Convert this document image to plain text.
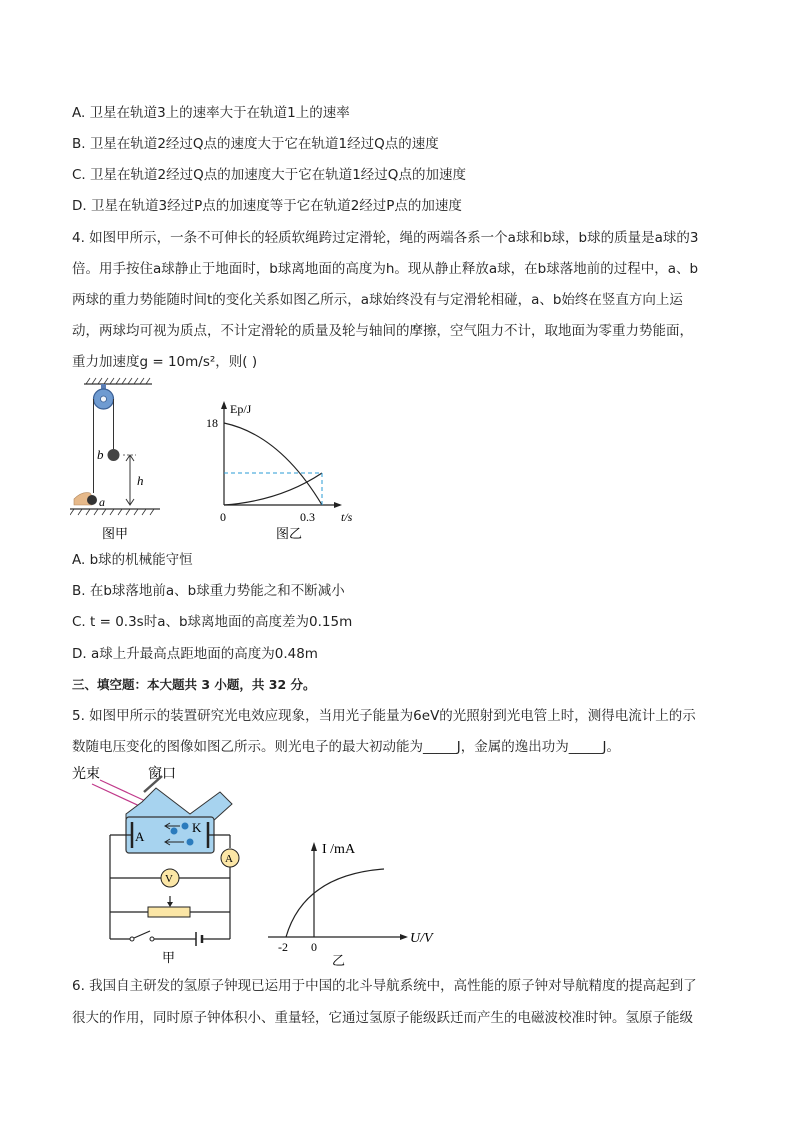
A. 卫星在轨道3上的速率大于在轨道1上的速率
B. 卫星在轨道2经过Q点的速度大于它在轨道1经过Q点的速度
C. 卫星在轨道2经过Q点的加速度大于它在轨道1经过Q点的加速度
D. 卫星在轨道3经过P点的加速度等于它在轨道2经过P点的加速度
4. 如图甲所示，一条不可伸长的轻质软绳跨过定滑轮，绳的两端各系一个a球和b球，b球的质量是a球的3
倍。用手按住a球静止于地面时，b球离地面的高度为h。现从静止释放a球，在b球落地前的过程中，a、b
两球的重力势能随时间t的变化关系如图乙所示，a球始终没有与定滑轮相碰，a、b始终在竖直方向上运
动，两球均可视为质点，不计定滑轮的质量及轮与轴间的摩擦，空气阻力不计，取地面为零重力势能面，
重力加速度g = 10m/s²，则( )
b
h
a
图甲
Ep/J
18
0	0.3 t/s
图乙
A. b球的机械能守恒
B. 在b球落地前a、b球重力势能之和不断减小
C. t = 0.3s时a、b球离地面的高度差为0.15m
D. a球上升最高点距地面的高度为0.48m
三、填空题：本大题共 3 小题，共 32 分。
5. 如图甲所示的装置研究光电效应现象，当用光子能量为6eV的光照射到光电管上时，测得电流计上的示
数随电压变化的图像如图乙所示。则光电子的最大初动能为_____J，金属的逸出功为_____J。
光束	窗口
A
K
A
V
甲
I /mA
-2 0
U/V
乙
6. 我国自主研发的氢原子钟现已运用于中国的北斗导航系统中，高性能的原子钟对导航精度的提高起到了
很大的作用，同时原子钟体积小、重量轻，它通过氢原子能级跃迁而产生的电磁波校准时钟。氢原子能级
